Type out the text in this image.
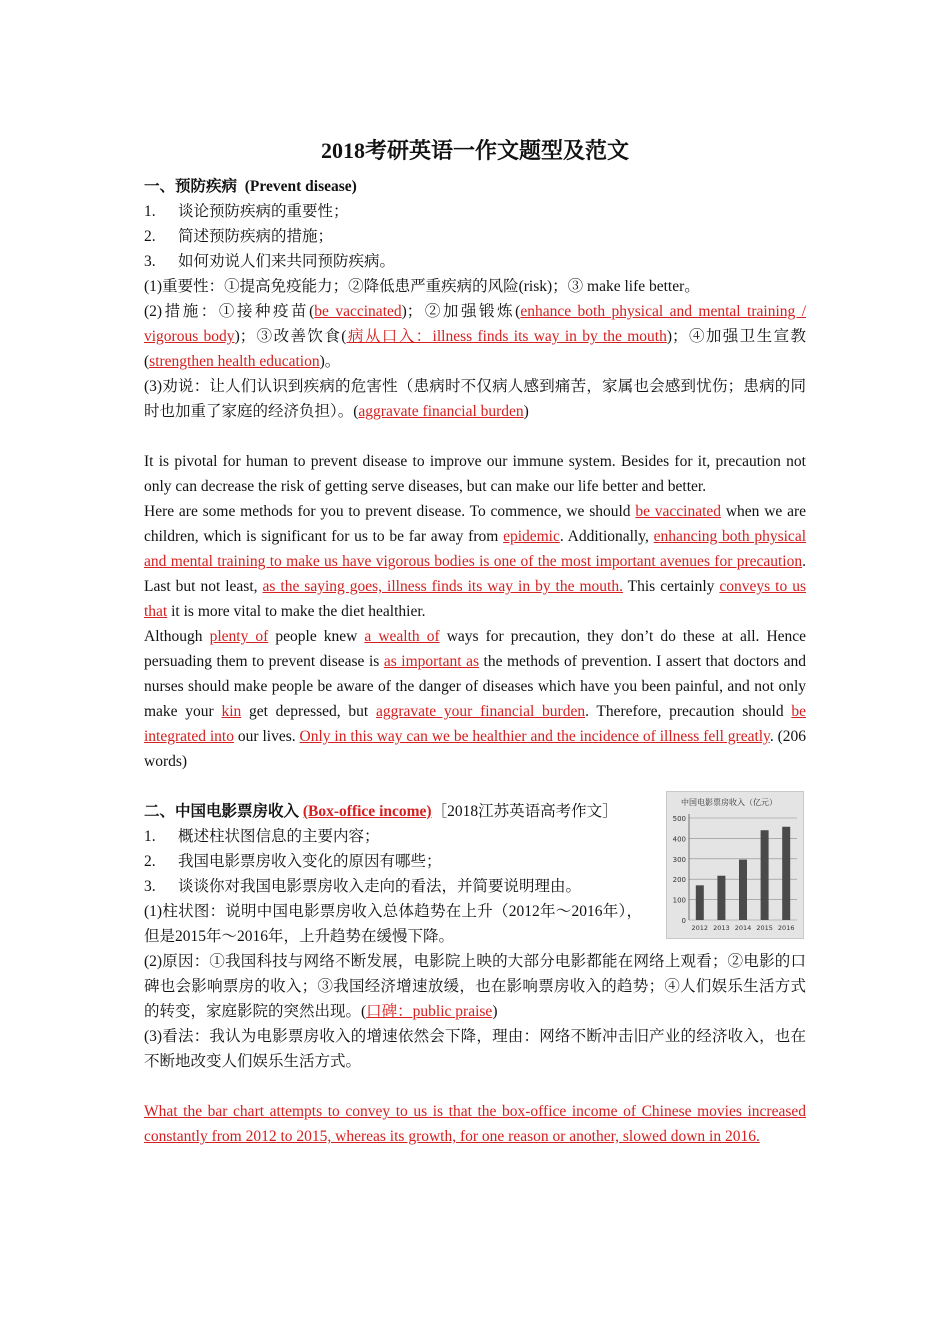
2018考研英语一作文题型及范文
一、预防疾病 (Prevent disease)

1.	谈论预防疾病的重要性；

2.	简述预防疾病的措施；

3.	如何劝说人们来共同预防疾病。

(1)重要性：①提高免疫能力；②降低患严重疾病的风险(risk)；③ make life better。

(2)措施：①接种疫苗(be vaccinated)；②加强锻炼(enhance both physical and mental training / vigorous body)；③改善饮食(病从口入：illness finds its way in by the mouth)；④加强卫生宣教(strengthen health education)。

(3)劝说：让人们认识到疾病的危害性（患病时不仅病人感到痛苦，家属也会感到忧伤；患病的同时也加重了家庭的经济负担）。(aggravate financial burden)

It is pivotal for human to prevent disease to improve our immune system. Besides for it, precaution not only can decrease the risk of getting serve diseases, but can make our life better and better.

Here are some methods for you to prevent disease. To commence, we should be vaccinated when we are children, which is significant for us to be far away from epidemic. Additionally, enhancing both physical and mental training to make us have vigorous bodies is one of the most important avenues for precaution. Last but not least, as the saying goes, illness finds its way in by the mouth. This certainly conveys to us that it is more vital to make the diet healthier.

Although plenty of people knew a wealth of ways for precaution, they don’t do these at all. Hence persuading them to prevent disease is as important as the methods of prevention. I assert that doctors and nurses should make people be aware of the danger of diseases which have you been painful, and not only make your kin get depressed, but aggravate your financial burden. Therefore, precaution should be integrated into our lives. Only in this way can we be healthier and the incidence of illness fell greatly. (206 words)

二、中国电影票房收入 (Box-office income)［2018江苏英语高考作文］

1.	概述柱状图信息的主要内容；

2.	我国电影票房收入变化的原因有哪些；

3.	谈谈你对我国电影票房收入走向的看法，并简要说明理由。

(1)柱状图：说明中国电影票房收入总体趋势在上升（2012年～2016年），但是2015年～2016年，上升趋势在缓慢下降。

中国电影票房收入（亿元）
0
100
200
300
400
500
2012 2013 2014 2015 2016

(2)原因：①我国科技与网络不断发展，电影院上映的大部分电影都能在网络上观看；②电影的口碑也会影响票房的收入；③我国经济增速放缓，也在影响票房收入的趋势；④人们娱乐生活方式的转变，家庭影院的突然出现。(口碑：public praise)

(3)看法：我认为电影票房收入的增速依然会下降，理由：网络不断冲击旧产业的经济收入，也在不断地改变人们娱乐生活方式。

What the bar chart attempts to convey to us is that the box-office income of Chinese movies increased constantly from 2012 to 2015, whereas its growth, for one reason or another, slowed down in 2016.
